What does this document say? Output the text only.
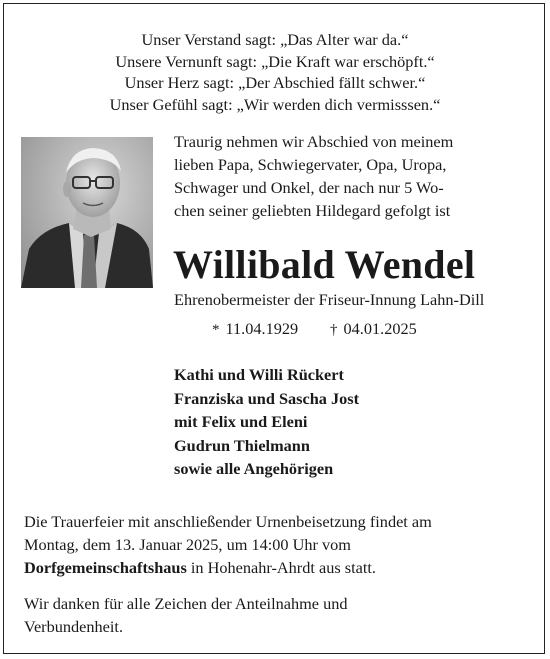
Unser Verstand sagt: „Das Alter war da.“
Unsere Vernunft sagt: „Die Kraft war erschöpft.“
Unser Herz sagt: „Der Abschied fällt schwer.“
Unser Gefühl sagt: „Wir werden dich vermisssen.“
Traurig nehmen wir Abschied von meinem
lieben Papa, Schwiegervater, Opa, Uropa,
Schwager und Onkel, der nach nur 5 Wo-
chen seiner geliebten Hildegard gefolgt ist
Willibald Wendel
Ehrenobermeister der Friseur-Innung Lahn-Dill
* 11.04.1929 † 04.01.2025
Kathi und Willi Rückert
Franziska und Sascha Jost
mit Felix und Eleni
Gudrun Thielmann
sowie alle Angehörigen
Die Trauerfeier mit anschließender Urnenbeisetzung findet am
Montag, dem 13. Januar 2025, um 14:00 Uhr vom
Dorfgemeinschaftshaus in Hohenahr-Ahrdt aus statt.
Wir danken für alle Zeichen der Anteilnahme und
Verbundenheit.
